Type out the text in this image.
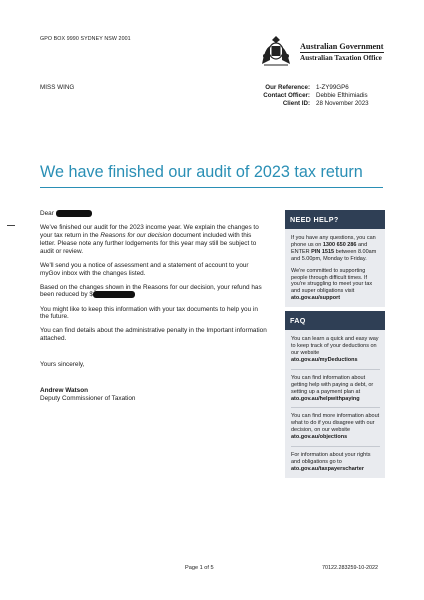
GPO BOX 9990 SYDNEY NSW 2001
Australian Government
Australian Taxation Office
MISS WING	Our Reference: 1-ZY99GP6
Contact Officer: Debbie Efthimiadis
Client ID: 28 November 2023
We have finished our audit of 2023 tax return

Dear

We've finished our audit for the 2023 income year. We explain the changes to your tax return in the Reasons for our decision document included with this letter. Please note any further lodgements for this year may still be subject to audit or review.

We'll send you a notice of assessment and a statement of account to your myGov inbox with the changes listed.

Based on the changes shown in the Reasons for our decision, your refund has been reduced by $

You might like to keep this information with your tax documents to help you in the future.

You can find details about the administrative penalty in the Important information attached.

Yours sincerely,

Andrew Watson
Deputy Commissioner of Taxation
NEED HELP?

If you have any questions, you can phone us on 1300 650 286 and ENTER PIN 1515 between 8.00am and 5.00pm, Monday to Friday.

We're committed to supporting people through difficult times. If you're struggling to meet your tax and super obligations visit ato.gov.au/support

FAQ

You can learn a quick and easy way to keep track of your deductions on our website ato.gov.au/myDeductions

You can find information about getting help with paying a debt, or setting up a payment plan at ato.gov.au/helpwithpaying

You can find more information about what to do if you disagree with our decision, on our website ato.gov.au/objections

For information about your rights and obligations go to ato.gov.au/taxpayerscharter

Page 1 of 5	70122.283259-10-2022
